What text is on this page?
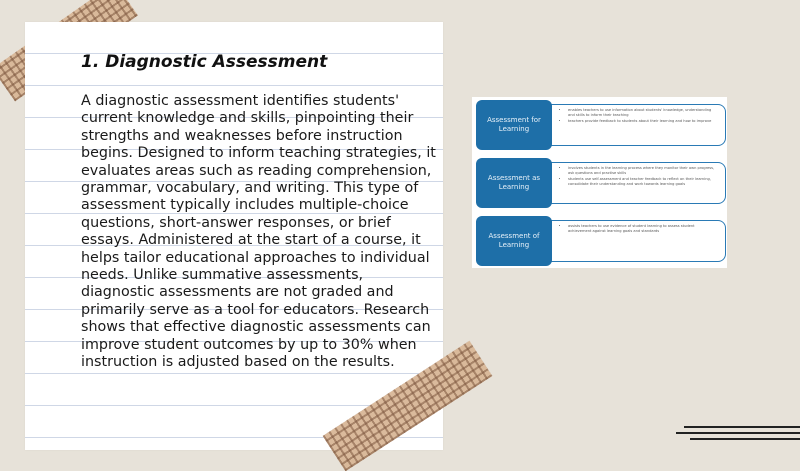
1. Diagnostic Assessment

A diagnostic assessment identifies students' current knowledge and skills, pinpointing their strengths and weaknesses before instruction begins. Designed to inform teaching strategies, it evaluates areas such as reading comprehension, grammar, vocabulary, and writing. This type of assessment typically includes multiple-choice questions, short-answer responses, or brief essays. Administered at the start of a course, it helps tailor educational approaches to individual needs. Unlike summative assessments, diagnostic assessments are not graded and primarily serve as a tool for educators. Research shows that effective diagnostic assessments can improve student outcomes by up to 30% when instruction is adjusted based on the results.

• enables teachers to use information about students' knowledge, understanding and skills to inform their teaching
• teachers provide feedback to students about their learning and how to improve
Assessment for Learning
• involves students in the learning process where they monitor their own progress, ask questions and practise skills
• students use self-assessment and teacher feedback to reflect on their learning, consolidate their understanding and work towards learning goals
Assessment as Learning
• assists teachers to use evidence of student learning to assess student achievement against learning goals and standards
Assessment of Learning
